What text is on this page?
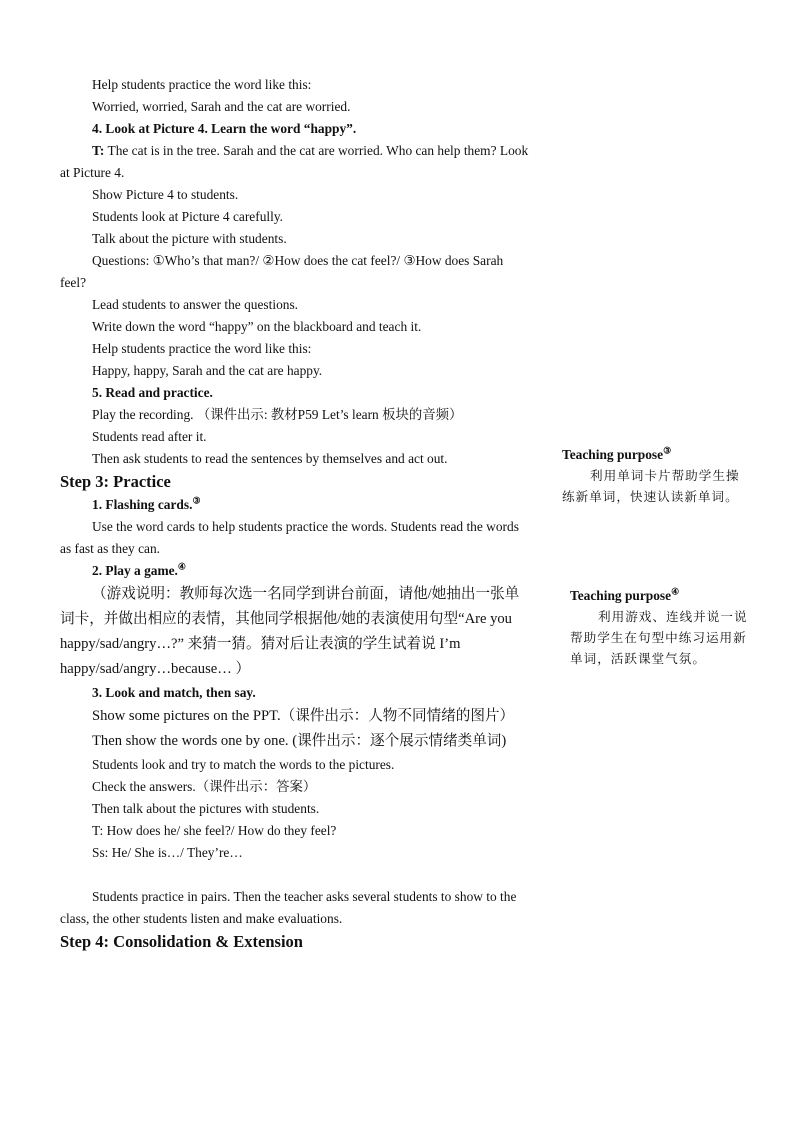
Help students practice the word like this:

Worried, worried, Sarah and the cat are worried.

4. Look at Picture 4. Learn the word “happy”.

T: The cat is in the tree. Sarah and the cat are worried. Who can help them? Look at Picture 4.

Show Picture 4 to students.

Students look at Picture 4 carefully.

Talk about the picture with students.

Questions: ①Who’s that man?/ ②How does the cat feel?/ ③How does Sarah feel?

Lead students to answer the questions.

Write down the word “happy” on the blackboard and teach it.

Help students practice the word like this:

Happy, happy, Sarah and the cat are happy.

5. Read and practice.

Play the recording. （课件出示: 教材P59 Let’s learn 板块的音频）

Students read after it.

Then ask students to read the sentences by themselves and act out.

Step 3: Practice

1. Flashing cards.③

Use the word cards to help students practice the words. Students read the words as fast as they can.

2. Play a game.④

（游戏说明：教师每次选一名同学到讲台前面，请他/她抽出一张单词卡，并做出相应的表情，其他同学根据他/她的表演使用句型“Are you happy/sad/angry…?” 来猜一猜。猜对后让表演的学生试着说 I’m happy/sad/angry…because… ）

3. Look and match, then say.

Show some pictures on the PPT.（课件出示：人物不同情绪的图片）

Then show the words one by one. (课件出示：逐个展示情绪类单词)

Students look and try to match the words to the pictures.

Check the answers.（课件出示：答案）

Then talk about the pictures with students.

T: How does he/ she feel?/ How do they feel?

Ss: He/ She is…/ They’re…

Students practice in pairs. Then the teacher asks several students to show to the class, the other students listen and make evaluations.

Step 4: Consolidation & Extension

Teaching purpose③

利用单词卡片帮助学生操练新单词，快速认读新单词。

Teaching purpose④

利用游戏、连线并说一说帮助学生在句型中练习运用新单词，活跃课堂气氛。
